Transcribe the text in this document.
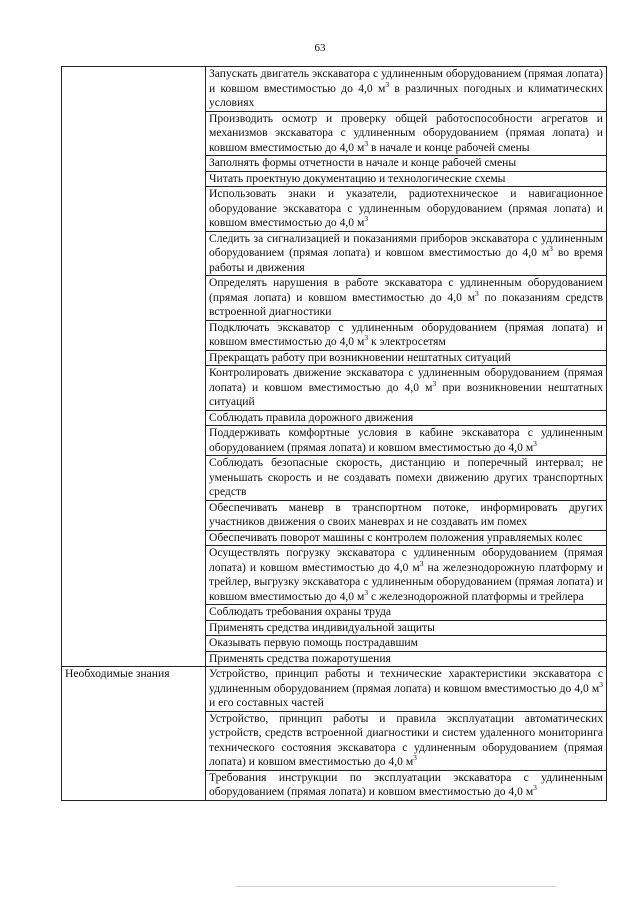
63
	Запускать двигатель экскаватора с удлиненным оборудованием (прямая лопата) и ковшом вместимостью до 4,0 $м^3$ в различных погодных и климатических условиях
	Производить осмотр и проверку общей работоспособности агрегатов и механизмов экскаватора с удлиненным оборудованием (прямая лопата) и ковшом вместимостью до 4,0 $м^3$ в начале и конце рабочей смены
	Заполнять формы отчетности в начале и конце рабочей смены
	Читать проектную документацию и технологические схемы
	Использовать знаки и указатели, радиотехническое и навигационное оборудование экскаватора с удлиненным оборудованием (прямая лопата) и ковшом вместимостью до 4,0 $м^3$
	Следить за сигнализацией и показаниями приборов экскаватора с удлиненным оборудованием (прямая лопата) и ковшом вместимостью до 4,0 $м^3$ во время работы и движения
	Определять нарушения в работе экскаватора с удлиненным оборудованием (прямая лопата) и ковшом вместимостью до 4,0 $м^3$ по показаниям средств встроенной диагностики
	Подключать экскаватор с удлиненным оборудованием (прямая лопата) и ковшом вместимостью до 4,0 $м^3$ к электросетям
	Прекращать работу при возникновении нештатных ситуаций
	Контролировать движение экскаватора с удлиненным оборудованием (прямая лопата) и ковшом вместимостью до 4,0 $м^3$ при возникновении нештатных ситуаций
	Соблюдать правила дорожного движения
	Поддерживать комфортные условия в кабине экскаватора с удлиненным оборудованием (прямая лопата) и ковшом вместимостью до 4,0 $м^3$
	Соблюдать безопасные скорость, дистанцию и поперечный интервал; не уменьшать скорость и не создавать помехи движению других транспортных средств
	Обеспечивать маневр в транспортном потоке, информировать других участников движения о своих маневрах и не создавать им помех
	Обеспечивать поворот машины с контролем положения управляемых колес
	Осуществлять погрузку экскаватора с удлиненным оборудованием (прямая лопата) и ковшом вместимостью до 4,0 $м^3$ на железнодорожную платформу и трейлер, выгрузку экскаватора с удлиненным оборудованием (прямая лопата) и ковшом вместимостью до 4,0 $м^3$ с железнодорожной платформы и трейлера
	Соблюдать требования охраны труда
	Применять средства индивидуальной защиты
	Оказывать первую помощь пострадавшим
	Применять средства пожаротушения
Необходимые знания	Устройство, принцип работы и технические характеристики экскаватора с удлиненным оборудованием (прямая лопата) и ковшом вместимостью до 4,0 $м^3$ и его составных частей
	Устройство, принцип работы и правила эксплуатации автоматических устройств, средств встроенной диагностики и систем удаленного мониторинга технического состояния экскаватора с удлиненным оборудованием (прямая лопата) и ковшом вместимостью до 4,0 $м^3$
	Требования инструкции по эксплуатации экскаватора с удлиненным оборудованием (прямая лопата) и ковшом вместимостью до 4,0 $м^3$
